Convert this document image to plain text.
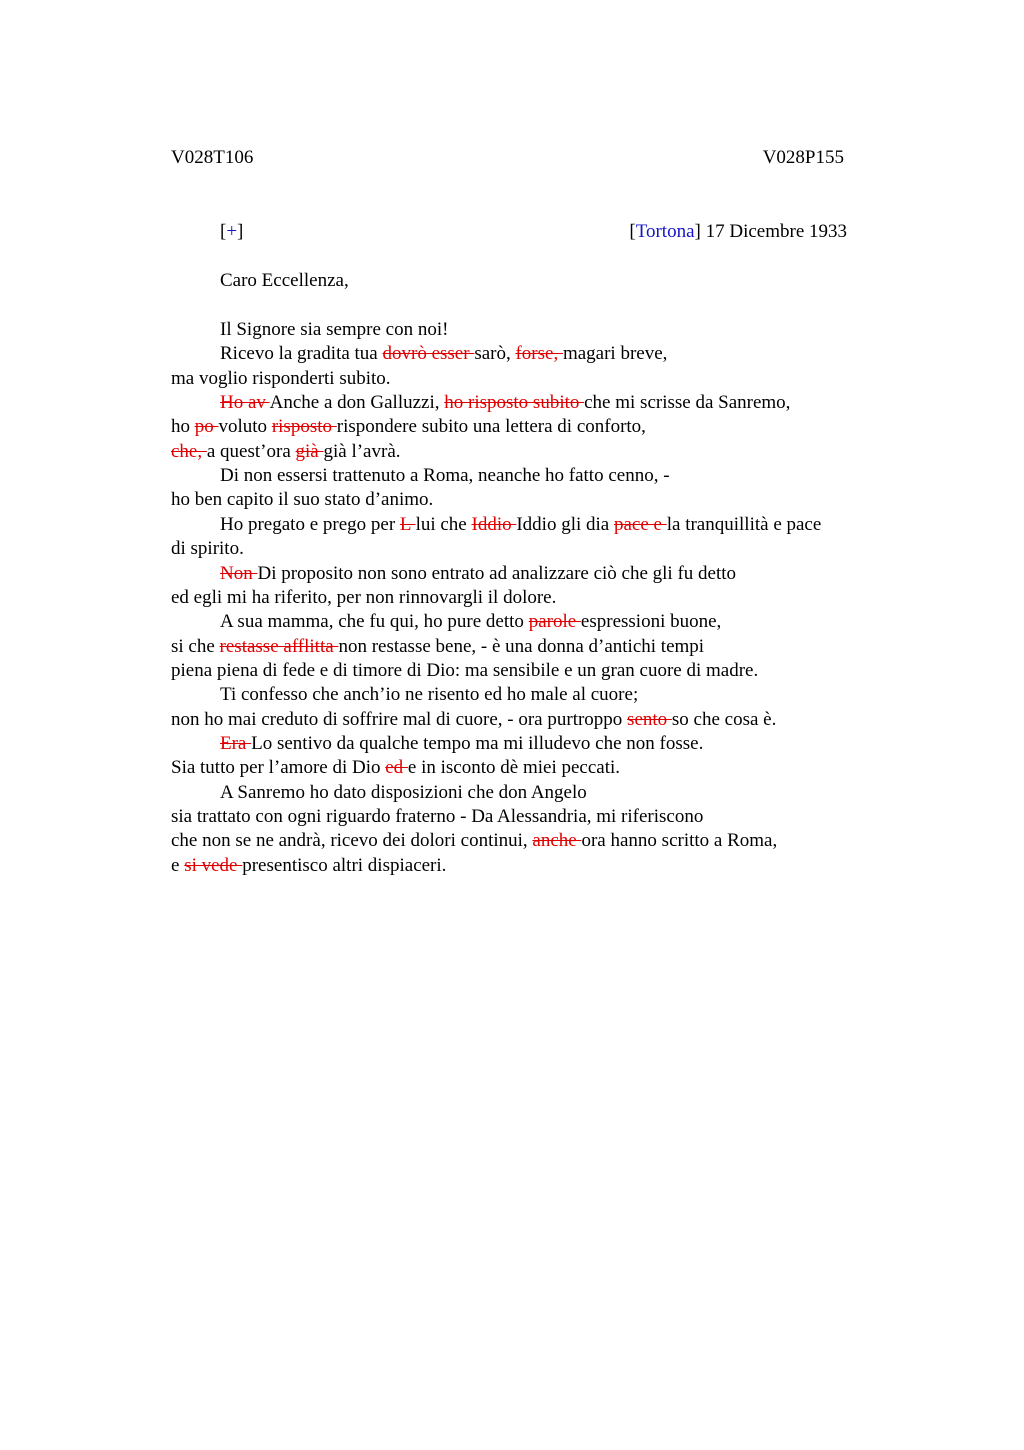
V028T106	V028P155
[+]	[Tortona] 17 Dicembre 1933
Caro Eccellenza,
Il Signore sia sempre con noi!
Ricevo la gradita tua dovrò esser sarò, forse, magari breve,
ma voglio risponderti subito.
Ho av Anche a don Galluzzi, ho risposto subito che mi scrisse da Sanremo,
ho po voluto risposto rispondere subito una lettera di conforto,
che, a quest’ora già già l’avrà.
Di non essersi trattenuto a Roma, neanche ho fatto cenno, -
ho ben capito il suo stato d’animo.
Ho pregato e prego per L lui che Iddio Iddio gli dia pace e la tranquillità e pace
di spirito.
Non Di proposito non sono entrato ad analizzare ciò che gli fu detto
ed egli mi ha riferito, per non rinnovargli il dolore.
A sua mamma, che fu qui, ho pure detto parole espressioni buone,
si che restasse afflitta non restasse bene, - è una donna d’antichi tempi
piena piena di fede e di timore di Dio: ma sensibile e un gran cuore di madre.
Ti confesso che anch’io ne risento ed ho male al cuore;
non ho mai creduto di soffrire mal di cuore, - ora purtroppo sento so che cosa è.
Era Lo sentivo da qualche tempo ma mi illudevo che non fosse.
Sia tutto per l’amore di Dio ed e in isconto dè miei peccati.
A Sanremo ho dato disposizioni che don Angelo
sia trattato con ogni riguardo fraterno - Da Alessandria, mi riferiscono
che non se ne andrà, ricevo dei dolori continui, anche ora hanno scritto a Roma,
e si vede presentisco altri dispiaceri.
